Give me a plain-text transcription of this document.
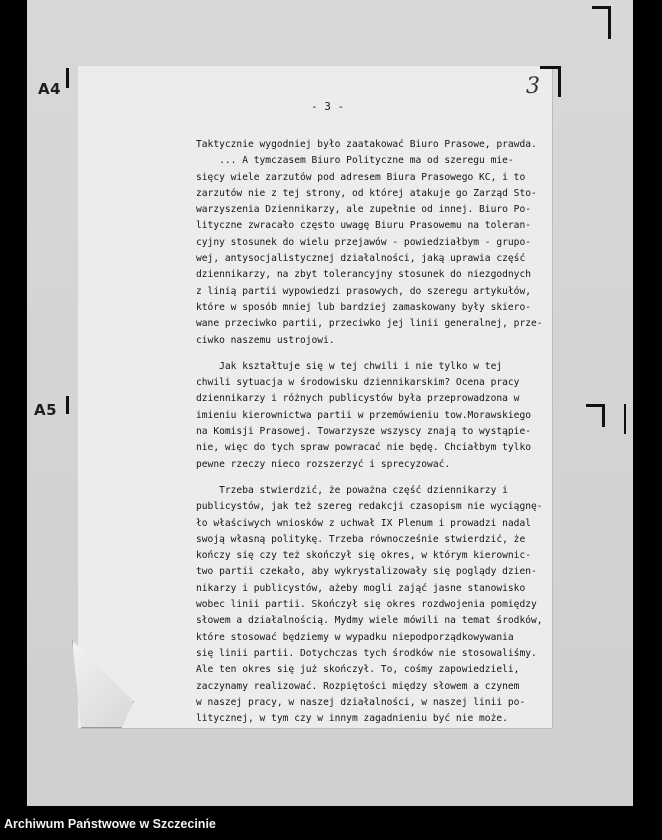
A4
A5
3
- 3 -
Taktycznie wygodniej było zaatakować Biuro Prasowe, prawda.
... A tymczasem Biuro Polityczne ma od szeregu mie-
sięcy wiele zarzutów pod adresem Biura Prasowego KC, i to
zarzutów nie z tej strony, od której atakuje go Zarząd Sto-
warzyszenia Dziennikarzy, ale zupełnie od innej. Biuro Po-
lityczne zwracało często uwagę Biuru Prasowemu na toleran-
cyjny stosunek do wielu przejawów - powiedziałbym - grupo-
wej, antysocjalistycznej działalności, jaką uprawia część
dziennikarzy, na zbyt tolerancyjny stosunek do niezgodnych
z linią partii wypowiedzi prasowych, do szeregu artykułów,
które w sposób mniej lub bardziej zamaskowany były skiero-
wane przeciwko partii, przeciwko jej linii generalnej, prze-
ciwko naszemu ustrojowi.
Jak kształtuje się w tej chwili i nie tylko w tej
chwili sytuacja w środowisku dziennikarskim? Ocena pracy
dziennikarzy i różnych publicystów była przeprowadzona w
imieniu kierownictwa partii w przemówieniu tow.Morawskiego
na Komisji Prasowej. Towarzysze wszyscy znają to wystąpie-
nie, więc do tych spraw powracać nie będę. Chciałbym tylko
pewne rzeczy nieco rozszerzyć i sprecyzować.
Trzeba stwierdzić, że poważna część dziennikarzy i
publicystów, jak też szereg redakcji czasopism nie wyciągnę-
ło właściwych wniosków z uchwał IX Plenum i prowadzi nadal
swoją własną politykę. Trzeba równocześnie stwierdzić, że
kończy się czy też skończył się okres, w którym kierownic-
two partii czekało, aby wykrystalizowały się poglądy dzien-
nikarzy i publicystów, ażeby mogli zająć jasne stanowisko
wobec linii partii. Skończył się okres rozdwojenia pomiędzy
słowem a działalnością. Mydmy wiele mówili na temat środków,
które stosować będziemy w wypadku niepodporządkowywania
się linii partii. Dotychczas tych środków nie stosowaliśmy.
Ale ten okres się już skończył. To, cośmy zapowiedzieli,
zaczynamy realizować. Rozpiętości między słowem a czynem
w naszej pracy, w naszej działalności, w naszej linii po-
litycznej, w tym czy w innym zagadnieniu być nie może.
Archiwum Państwowe w Szczecinie
